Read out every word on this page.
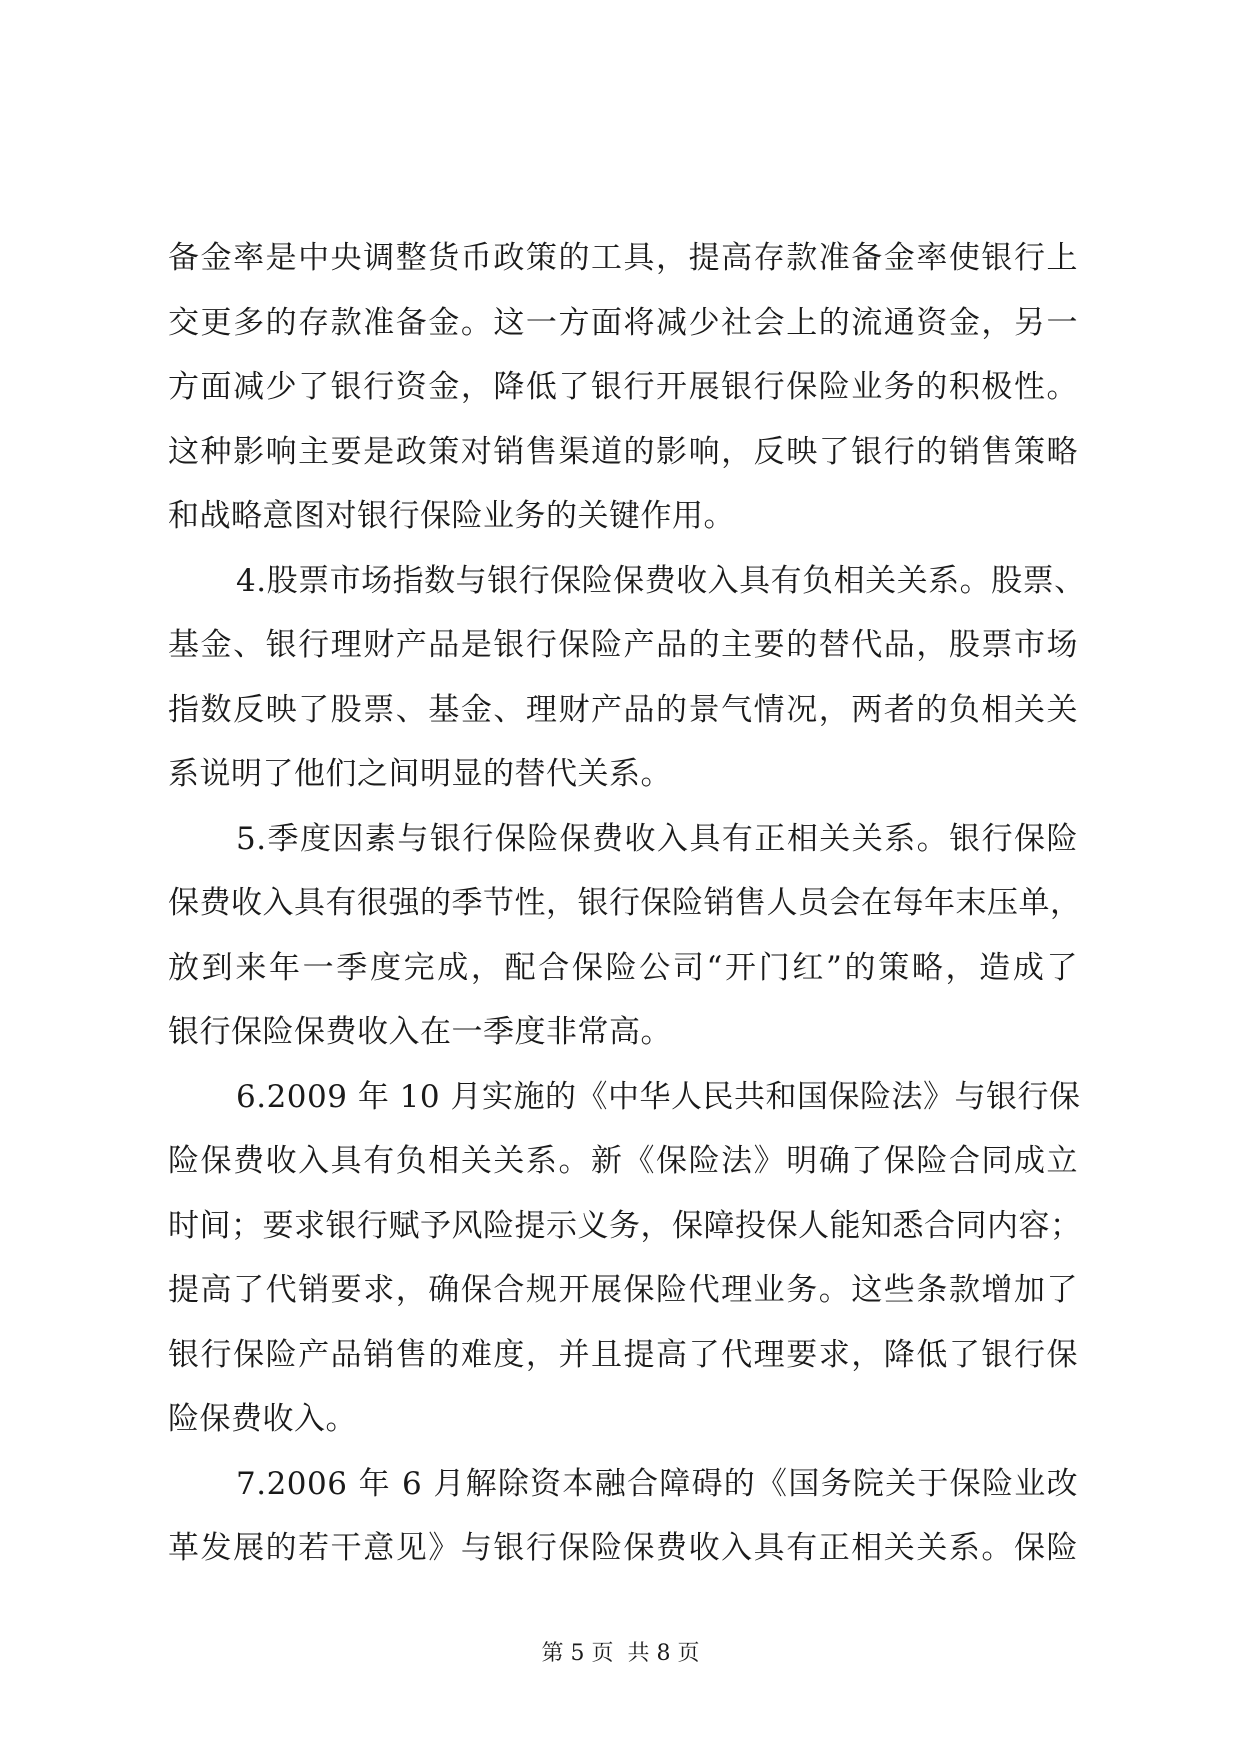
备金率是中央调整货币政策的工具，提高存款准备金率使银行上
交更多的存款准备金。这一方面将减少社会上的流通资金，另一
方面减少了银行资金，降低了银行开展银行保险业务的积极性。
这种影响主要是政策对销售渠道的影响，反映了银行的销售策略
和战略意图对银行保险业务的关键作用。
4.股票市场指数与银行保险保费收入具有负相关关系。股票、
基金、银行理财产品是银行保险产品的主要的替代品，股票市场
指数反映了股票、基金、理财产品的景气情况，两者的负相关关
系说明了他们之间明显的替代关系。
5.季度因素与银行保险保费收入具有正相关关系。银行保险
保费收入具有很强的季节性，银行保险销售人员会在每年末压单，
放到来年一季度完成，配合保险公司“开门红”的策略，造成了
银行保险保费收入在一季度非常高。
6.2009 年 10 月实施的《中华人民共和国保险法》与银行保
险保费收入具有负相关关系。新《保险法》明确了保险合同成立
时间；要求银行赋予风险提示义务，保障投保人能知悉合同内容；
提高了代销要求，确保合规开展保险代理业务。这些条款增加了
银行保险产品销售的难度，并且提高了代理要求，降低了银行保
险保费收入。
7.2006 年 6 月解除资本融合障碍的《国务院关于保险业改
革发展的若干意见》与银行保险保费收入具有正相关关系。保险
第 5 页  共 8 页
